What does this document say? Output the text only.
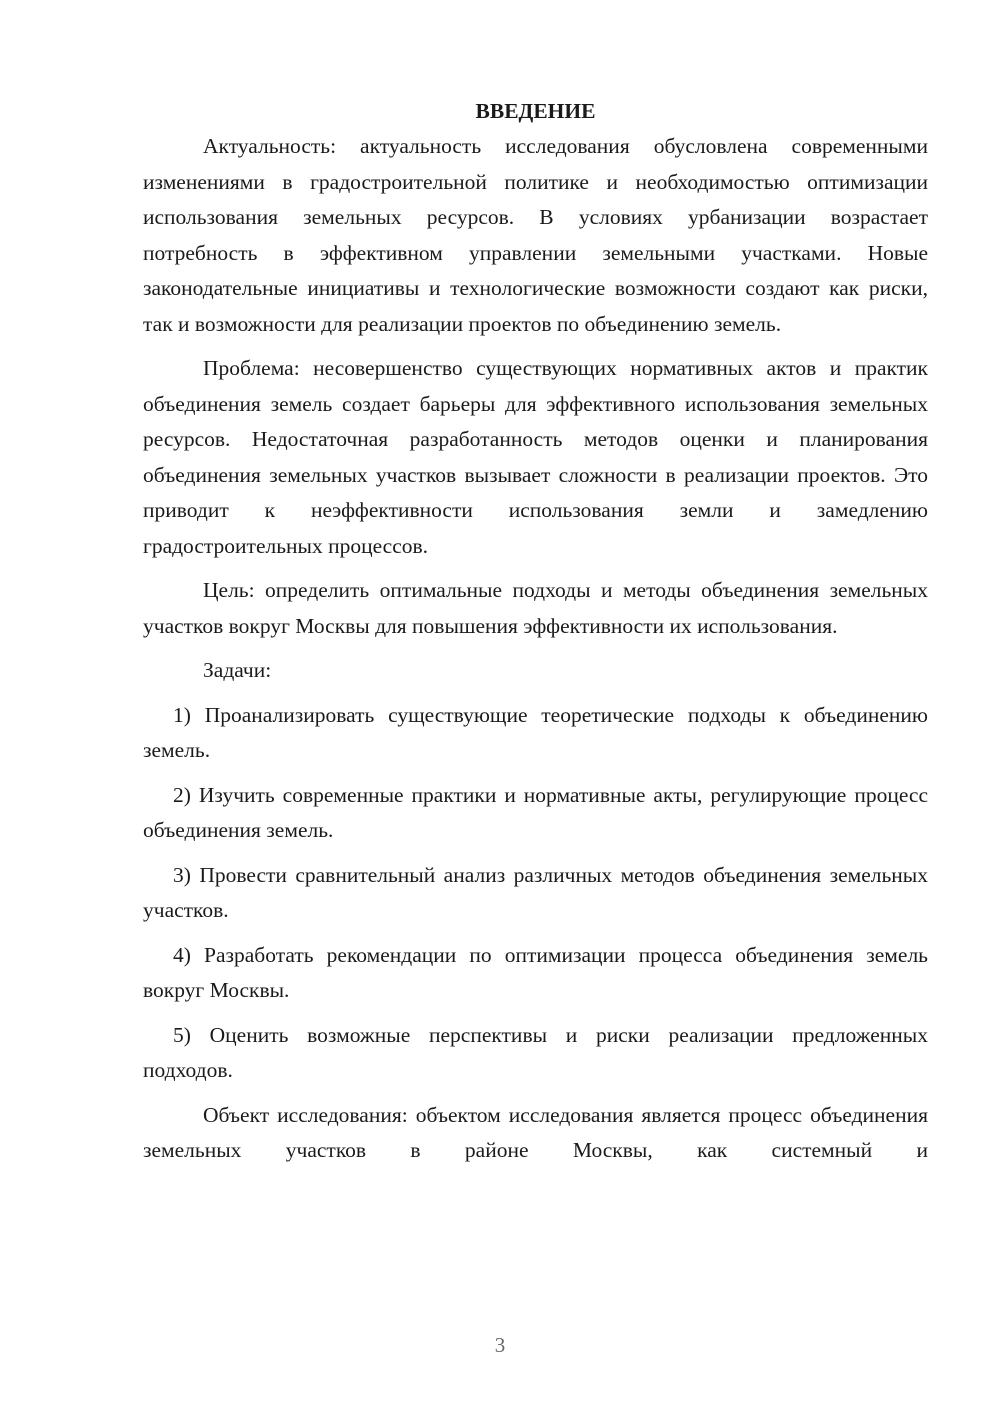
ВВЕДЕНИЕ

Актуальность: актуальность исследования обусловлена современными изменениями в градостроительной политике и необходимостью оптимизации использования земельных ресурсов. В условиях урбанизации возрастает потребность в эффективном управлении земельными участками. Новые законодательные инициативы и технологические возможности создают как риски, так и возможности для реализации проектов по объединению земель.

Проблема: несовершенство существующих нормативных актов и практик объединения земель создает барьеры для эффективного использования земельных ресурсов. Недостаточная разработанность методов оценки и планирования объединения земельных участков вызывает сложности в реализации проектов. Это приводит к неэффективности использования земли и замедлению градостроительных процессов.

Цель: определить оптимальные подходы и методы объединения земельных участков вокруг Москвы для повышения эффективности их использования.

Задачи:

1) Проанализировать существующие теоретические подходы к объединению земель.

2) Изучить современные практики и нормативные акты, регулирующие процесс объединения земель.

3) Провести сравнительный анализ различных методов объединения земельных участков.

4) Разработать рекомендации по оптимизации процесса объединения земель вокруг Москвы.

5) Оценить возможные перспективы и риски реализации предложенных подходов.

Объект исследования: объектом исследования является процесс объединения земельных участков в районе Москвы, как системный и

3
